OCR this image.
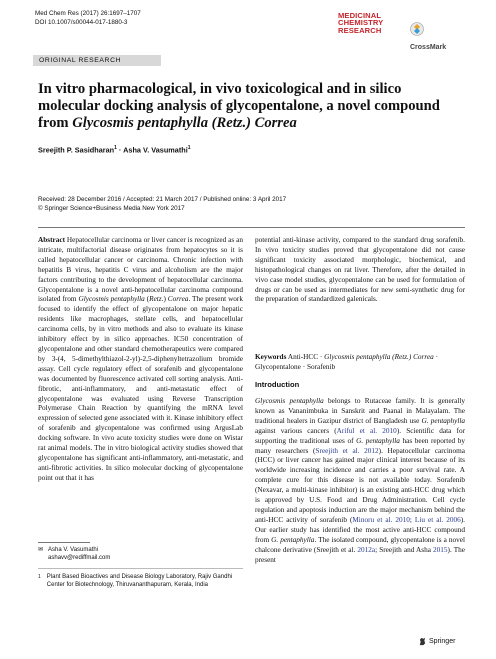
Med Chem Res (2017) 26:1697–1707
DOI 10.1007/s00044-017-1880-3
MEDICINAL
CHEMISTRY
RESEARCH
CrossMark
ORIGINAL RESEARCH
In vitro pharmacological, in vivo toxicological and in silico molecular docking analysis of glycopentalone, a novel compound from Glycosmis pentaphylla (Retz.) Correa
Sreejith P. Sasidharan$^1$ · Asha V. Vasumathi$^1$
Received: 28 December 2016 / Accepted: 21 March 2017 / Published online: 3 April 2017
© Springer Science+Business Media New York 2017

Abstract Hepatocellular carcinoma or liver cancer is recognized as an intricate, multifactorial disease originates from hepatocytes so it is called hepatocellular cancer or carcinoma. Chronic infection with hepatitis B virus, hepatitis C virus and alcoholism are the major factors contributing to the development of hepatocellular carcinoma. Glycopentalone is a novel anti-hepatocellular carcinoma compound isolated from Glycosmis pentaphylla (Retz.) Correa. The present work focused to identify the effect of glycopentalone on major hepatic residents like macrophages, stellate cells, and hepatocellular carcinoma cells, by in vitro methods and also to evaluate its kinase inhibitory effect by in silico approaches. IC50 concentration of glycopentalone and other standard chemotherapeutics were compared by 3-(4, 5-dimethylthiazol-2-yl)-2,5-diphenyltetrazolium bromide assay. Cell cycle regulatory effect of sorafenib and glycopentalone was documented by fluorescence activated cell sorting analysis. Anti-fibrotic, anti-inflammatory, and anti-metastatic effect of glycopentalone was evaluated using Reverse Transcription Polymerase Chain Reaction by quantifying the mRNA level expression of selected gene associated with it. Kinase inhibitory effect of sorafenib and glycopentalone was confirmed using ArgusLab docking software. In vivo acute toxicity studies were done on Wistar rat animal models. The in vitro biological activity studies showed that glycopentalone has significant anti-inflammatory, anti-metastatic, and anti-fibrotic activities. In silico molecular docking of glycopentalone point out that it has

potential anti-kinase activity, compared to the standard drug sorafenib. In vivo toxicity studies proved that glycopentalone did not cause significant toxicity associated morphologic, biochemical, and histopathological changes on rat liver. Therefore, after the detailed in vivo case model studies, glycopentalone can be used for formulation of drugs or can be used as intermediates for new semi-synthetic drug for the preparation of standardized galenicals.

Keywords Anti-HCC · Glycosmis pentaphylla (Retz.) Correa · Glycopentalone · Sorafenib
Introduction

Glycosmis pentaphylla belongs to Rutaceae family. It is generally known as Vananimbuka in Sanskrit and Paanal in Malayalam. The traditional healers in Gazipur district of Bangladesh use G. pentaphylla against various cancers (Ariful et al. 2010). Scientific data for supporting the traditional uses of G. pentaphylla has been reported by many researchers (Sreejith et al. 2012). Hepatocellular carcinoma (HCC) or liver cancer has gained major clinical interest because of its worldwide increasing incidence and carries a poor survival rate. A complete cure for this disease is not available today. Sorafenib (Nexavar, a multi-kinase inhibitor) is an existing anti-HCC drug which is approved by U.S. Food and Drug Administration. Cell cycle regulation and apoptosis induction are the major mechanism behind the anti-HCC activity of sorafenib (Minoru et al. 2010; Liu et al. 2006). Our earlier study has identified the most active anti-HCC compound from G. pentaphylla. The isolated compound, glycopentalone is a novel chalcone derivative (Sreejith et al. 2012a; Sreejith and Asha 2015). The present

✉ Asha V. Vasumathi
ashavv@rediffmail.com
1 Plant Based Bioactives and Disease Biology Laboratory, Rajiv Gandhi Center for Biotechnology, Thiruvananthapuram, Kerala, India
Springer
